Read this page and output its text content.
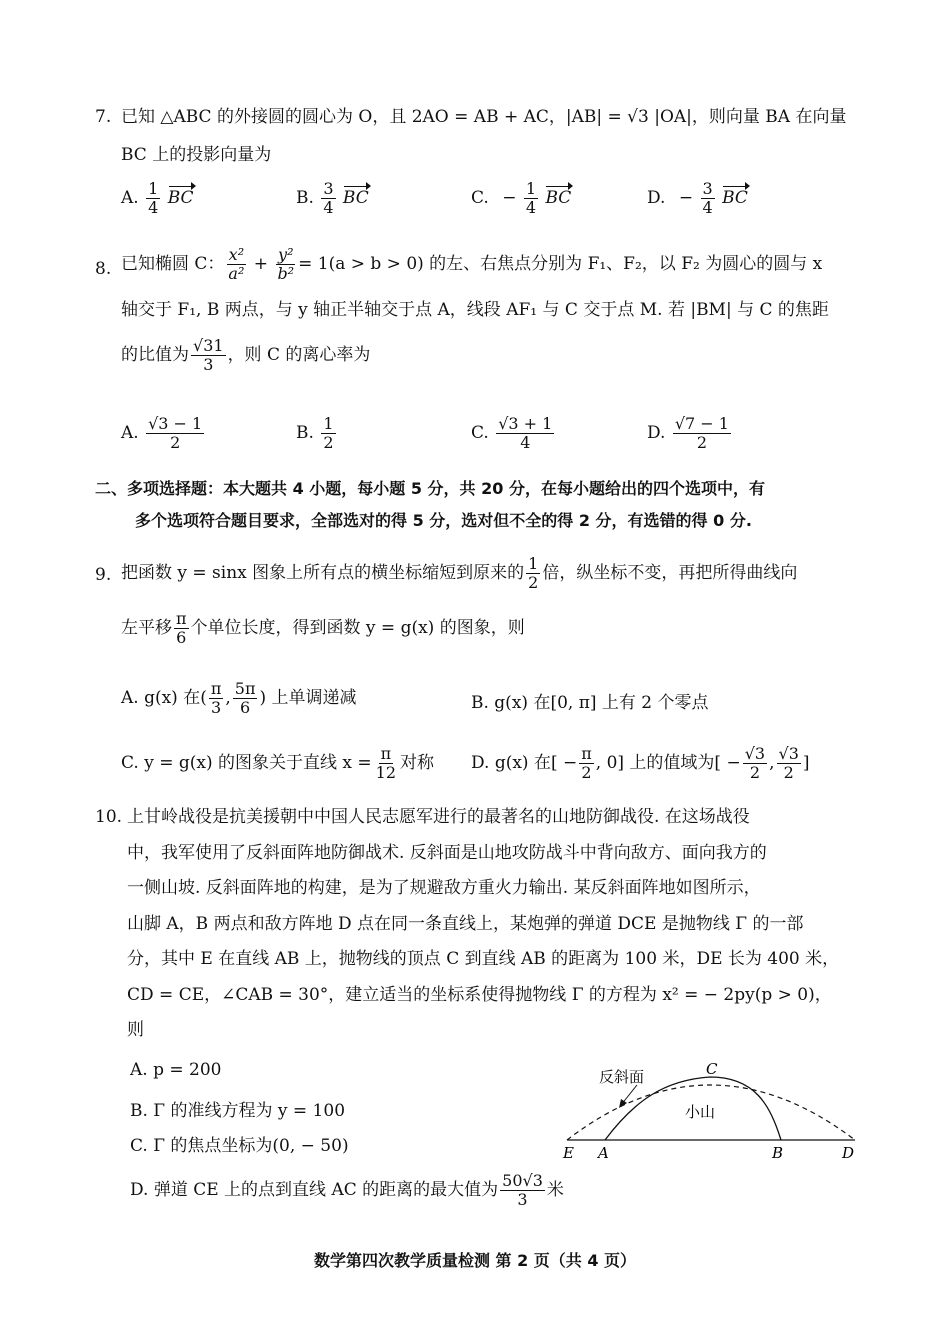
7. 已知 △ABC 的外接圆的圆心为 O，且 2AO = AB + AC，|AB| = √3 |OA|，则向量 BA 在向量
BC 上的投影向量为
A. $\frac{1}{4}$ BC	B. $\frac{3}{4}$ BC	C. − $\frac{1}{4}$ BC	D. − $\frac{3}{4}$ BC
8. 已知椭圆 C： $\frac{\text{x²}}{\text{a²}} + \frac{\text{y²}}{\text{b²}} = 1(a > b > 0)$ 的左、右焦点分别为 F₁、F₂，以 F₂ 为圆心的圆与 x
轴交于 F₁, B 两点，与 y 轴正半轴交于点 A，线段 AF₁ 与 C 交于点 M. 若 |BM| 与 C 的焦距
的比值为 $\frac{√31}{3}$ ，则 C 的离心率为
A. $\frac{√3 - 1}{2}$	B. $\frac{1}{2}$	C. $\frac{√3 + 1}{4}$	D. $\frac{√7 - 1}{2}$
二、多项选择题：本大题共 4 小题，每小题 5 分，共 20 分，在每小题给出的四个选项中，有
多个选项符合题目要求，全部选对的得 5 分，选对但不全的得 2 分，有选错的得 0 分.
9. 把函数 y = sinx 图象上所有点的横坐标缩短到原来的 $\frac{1}{2}$ 倍，纵坐标不变，再把所得曲线向
左平移 $\frac{\pi}{6}$ 个单位长度，得到函数 y = g(x) 的图象，则
A. g(x) 在( $\frac{\pi}{3}$ , $\frac{5\pi}{6}$ ) 上单调递减	B. g(x) 在[0, π] 上有 2 个零点
C. y = g(x) 的图象关于直线 $x = \frac{\pi}{12}$ 对称 D. g(x) 在[ − $\frac{\pi}{2}$ , 0] 上的值域为[ − $\frac{√3}{2}$ , $\frac{√3}{2}$ ]
10. 上甘岭战役是抗美援朝中中国人民志愿军进行的最著名的山地防御战役. 在这场战役
中，我军使用了反斜面阵地防御战术. 反斜面是山地攻防战斗中背向敌方、面向我方的
一侧山坡. 反斜面阵地的构建，是为了规避敌方重火力输出. 某反斜面阵地如图所示，
山脚 A，B 两点和敌方阵地 D 点在同一条直线上，某炮弹的弹道 DCE 是抛物线 Γ 的一部
分，其中 E 在直线 AB 上，抛物线的顶点 C 到直线 AB 的距离为 100 米，DE 长为 400 米，
CD = CE，∠CAB = 30°，建立适当的坐标系使得抛物线 Γ 的方程为 x² = − 2py(p > 0)，
则
A. p = 200
B. Γ 的准线方程为 y = 100
C. Γ 的焦点坐标为(0, − 50)
D. 弹道 CE 上的点到直线 AC 的距离的最大值为 $\frac{50√3}{3}$ 米
反斜面
小山
C
E A	B	D
数学第四次教学质量检测 第 2 页（共 4 页）
